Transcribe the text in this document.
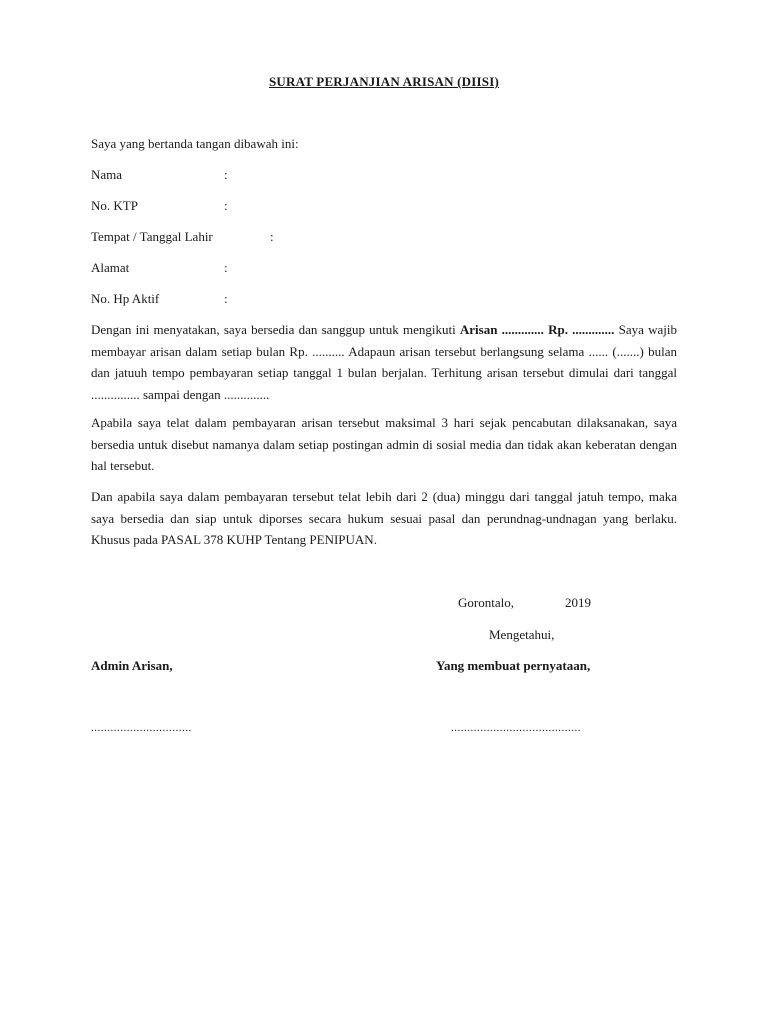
SURAT PERJANJIAN ARISAN (DIISI)
Saya yang bertanda tangan dibawah ini:
Nama	:
No. KTP	:
Tempat / Tanggal Lahir	:
Alamat	:
No. Hp Aktif	:
Dengan ini menyatakan, saya bersedia dan sanggup untuk mengikuti Arisan ............. Rp. ............. Saya wajib membayar arisan dalam setiap bulan Rp. .......... Adapaun arisan tersebut berlangsung selama ...... (.......) bulan dan jatuuh tempo pembayaran setiap tanggal 1 bulan berjalan. Terhitung arisan tersebut dimulai dari tanggal ............... sampai dengan ..............
Apabila saya telat dalam pembayaran arisan tersebut maksimal 3 hari sejak pencabutan dilaksanakan, saya bersedia untuk disebut namanya dalam setiap postingan admin di sosial media dan tidak akan keberatan dengan hal tersebut.
Dan apabila saya dalam pembayaran tersebut telat lebih dari 2 (dua) minggu dari tanggal jatuh tempo, maka saya bersedia dan siap untuk diporses secara hukum sesuai pasal dan perundnag-undnagan yang berlaku. Khusus pada PASAL 378 KUHP Tentang PENIPUAN.
Gorontalo,	2019
Mengetahui,
Admin Arisan,	Yang membuat pernyataan,
...............................	........................................
